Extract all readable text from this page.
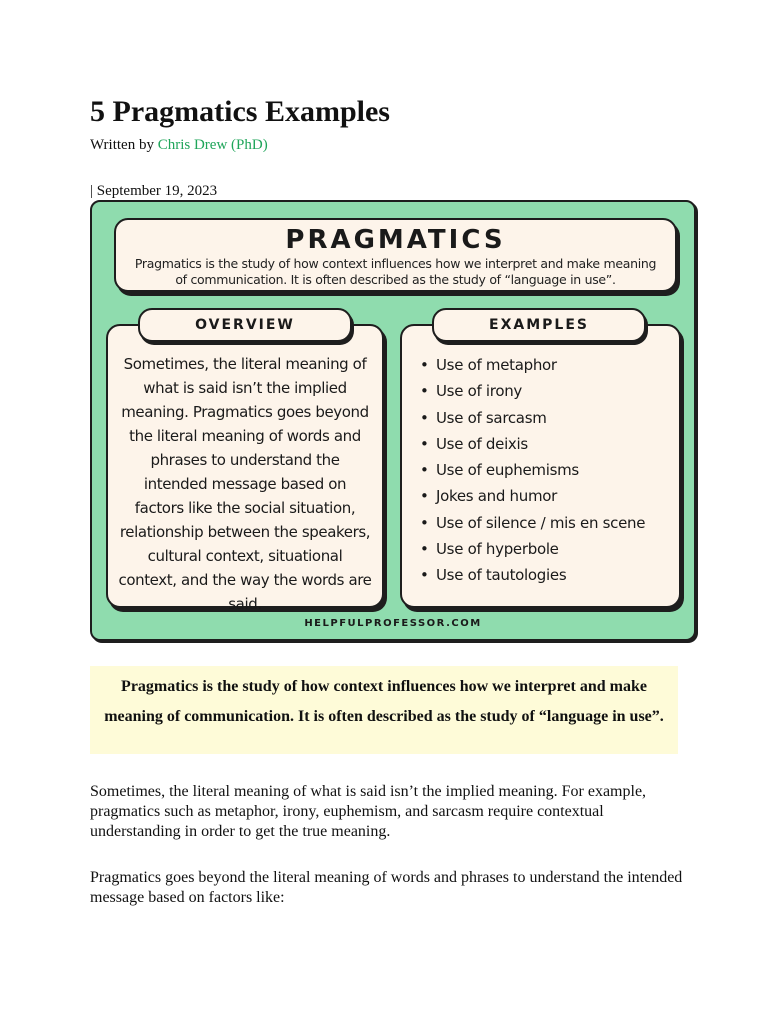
5 Pragmatics Examples
Written by Chris Drew (PhD)
| September 19, 2023
PRAGMATICS
Pragmatics is the study of how context influences how we interpret and make meaning of communication. It is often described as the study of “language in use”.
Sometimes, the literal meaning of what is said isn’t the implied meaning. Pragmatics goes beyond the literal meaning of words and phrases to understand the intended message based on factors like the social situation, relationship between the speakers, cultural context, situational context, and the way the words are said.
OVERVIEW
• Use of metaphor
• Use of irony
• Use of sarcasm
• Use of deixis
• Use of euphemisms
• Jokes and humor
• Use of silence / mis en scene
• Use of hyperbole
• Use of tautologies
EXAMPLES
HELPFULPROFESSOR.COM
Pragmatics is the study of how context influences how we interpret and make meaning of communication. It is often described as the study of “language in use”.

Sometimes, the literal meaning of what is said isn’t the implied meaning. For example, pragmatics such as metaphor, irony, euphemism, and sarcasm require contextual understanding in order to get the true meaning.

Pragmatics goes beyond the literal meaning of words and phrases to understand the intended message based on factors like:
